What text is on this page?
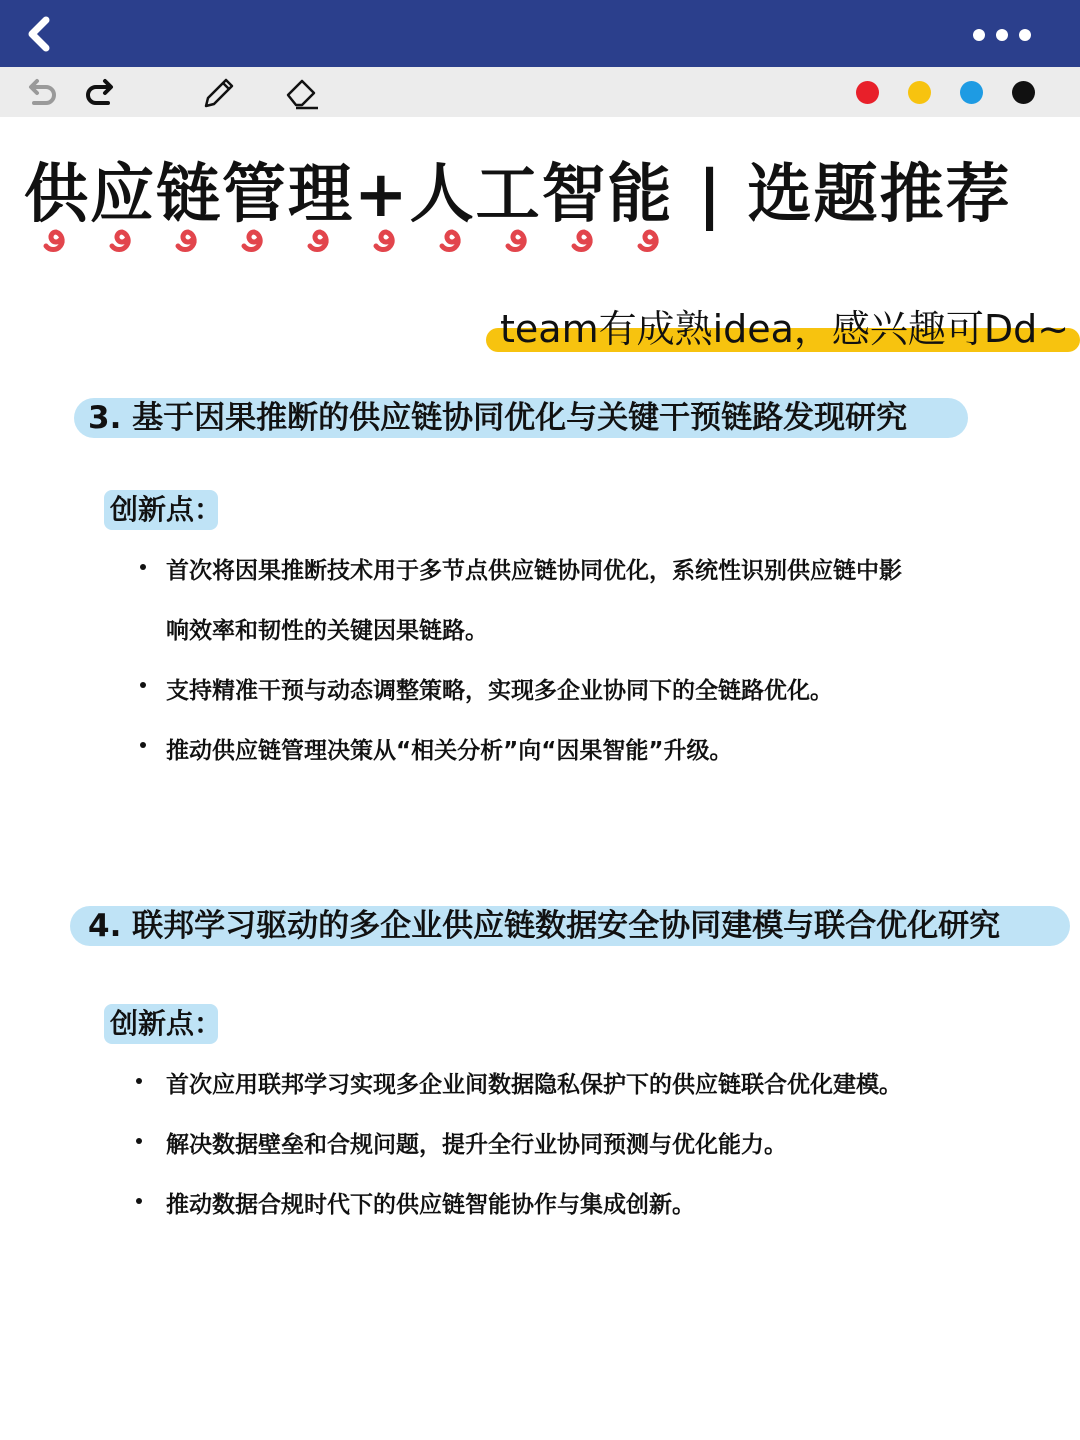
供应链管理+人工智能 | 选题推荐
team有成熟idea，感兴趣可Dd~
3. 基于因果推断的供应链协同优化与关键干预链路发现研究
创新点：
首次将因果推断技术用于多节点供应链协同优化，系统性识别供应链中影
响效率和韧性的关键因果链路。
支持精准干预与动态调整策略，实现多企业协同下的全链路优化。
推动供应链管理决策从“相关分析”向“因果智能”升级。
4. 联邦学习驱动的多企业供应链数据安全协同建模与联合优化研究
创新点：
首次应用联邦学习实现多企业间数据隐私保护下的供应链联合优化建模。
解决数据壁垒和合规问题，提升全行业协同预测与优化能力。
推动数据合规时代下的供应链智能协作与集成创新。
